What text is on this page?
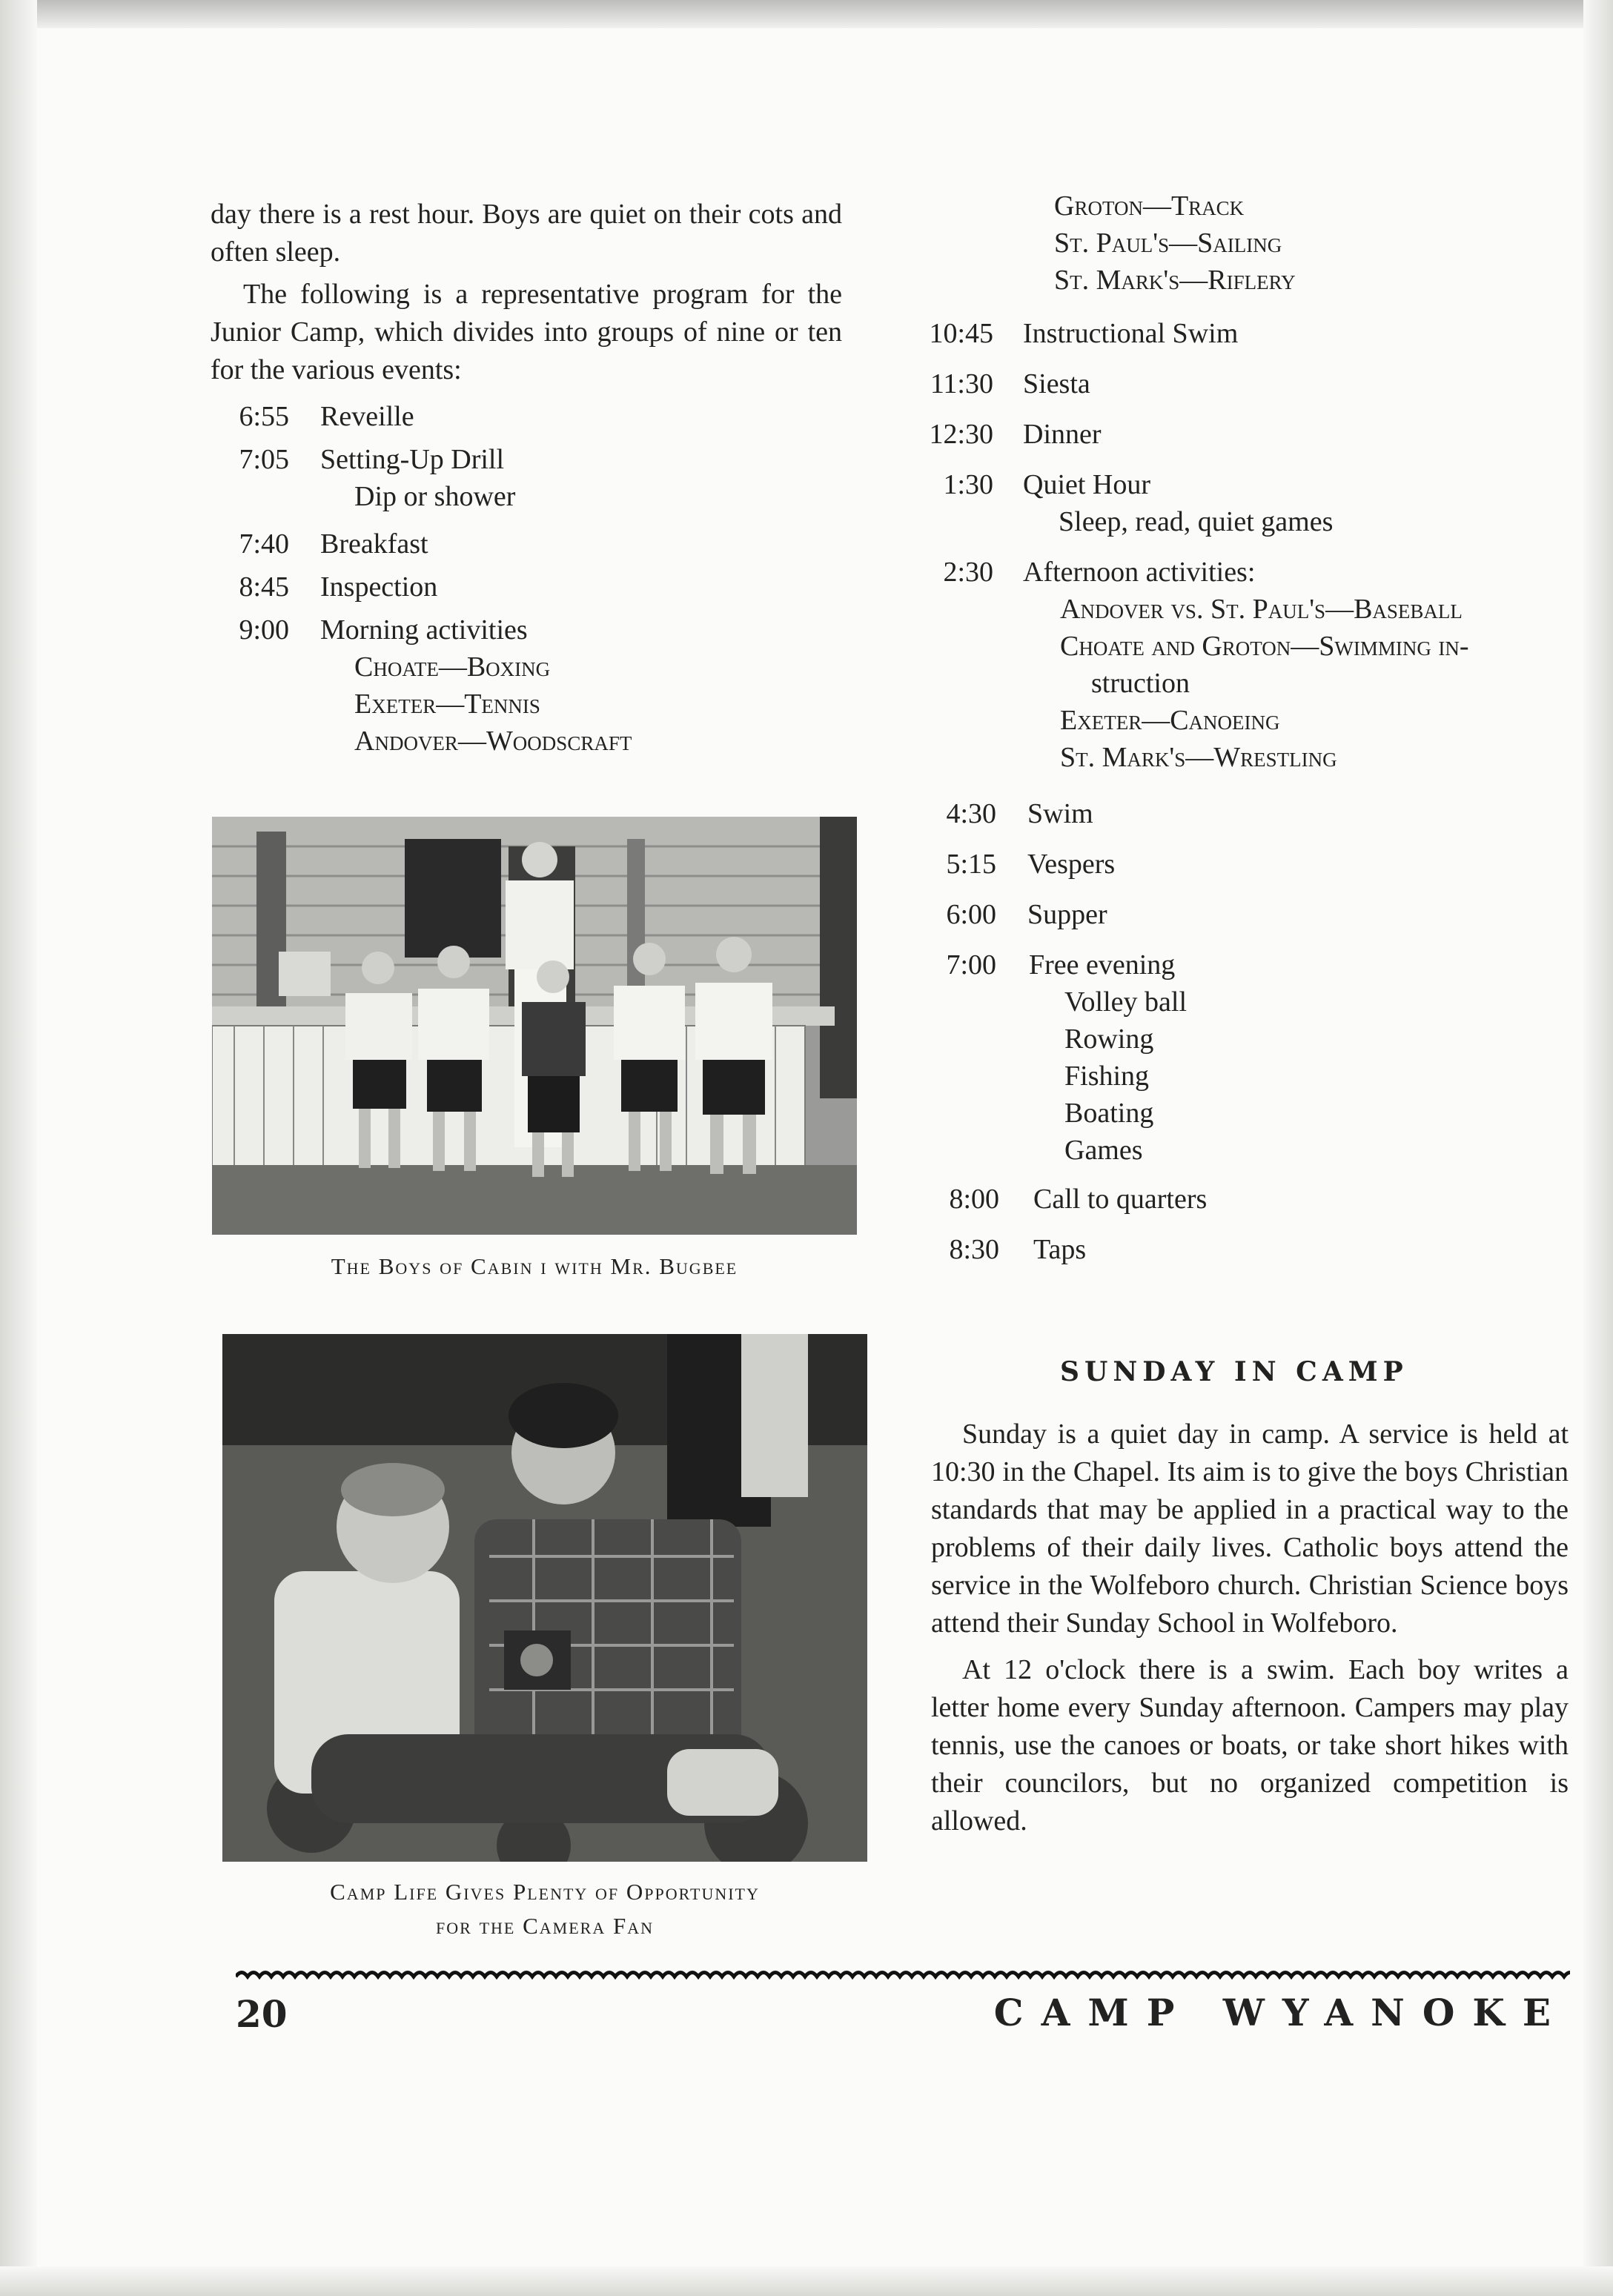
day there is a rest hour. Boys are quiet on their cots and often sleep.

The following is a representative program for the Junior Camp, which divides into groups of nine or ten for the various events:

6:55 Reveille
7:05 Setting-Up Drill
Dip or shower
7:40 Breakfast
8:45 Inspection
9:00 Morning activities
Choate—Boxing
Exeter—Tennis
Andover—Woodscraft
Groton—Track
St. Paul's—Sailing
St. Mark's—Riflery
10:45 Instructional Swim
11:30 Siesta
12:30 Dinner
1:30 Quiet Hour
Sleep, read, quiet games
2:30 Afternoon activities:
Andover vs. St. Paul's—Baseball
Choate and Groton—Swimming in-
struction
Exeter—Canoeing
St. Mark's—Wrestling
4:30 Swim
5:15 Vespers
6:00 Supper
7:00 Free evening
Volley ball
Rowing
Fishing
Boating
Games
8:00 Call to quarters
8:30 Taps
The Boys of Cabin i with Mr. Bugbee
Camp Life Gives Plenty of Opportunity
for the Camera Fan
SUNDAY IN CAMP

Sunday is a quiet day in camp. A service is held at 10:30 in the Chapel. Its aim is to give the boys Christian standards that may be applied in a practical way to the problems of their daily lives. Catholic boys attend the service in the Wolfeboro church. Christian Science boys attend their Sunday School in Wolfeboro.

At 12 o'clock there is a swim. Each boy writes a letter home every Sunday afternoon. Campers may play tennis, use the canoes or boats, or take short hikes with their councilors, but no organized competition is allowed.

20	CAMP WYANOKE
